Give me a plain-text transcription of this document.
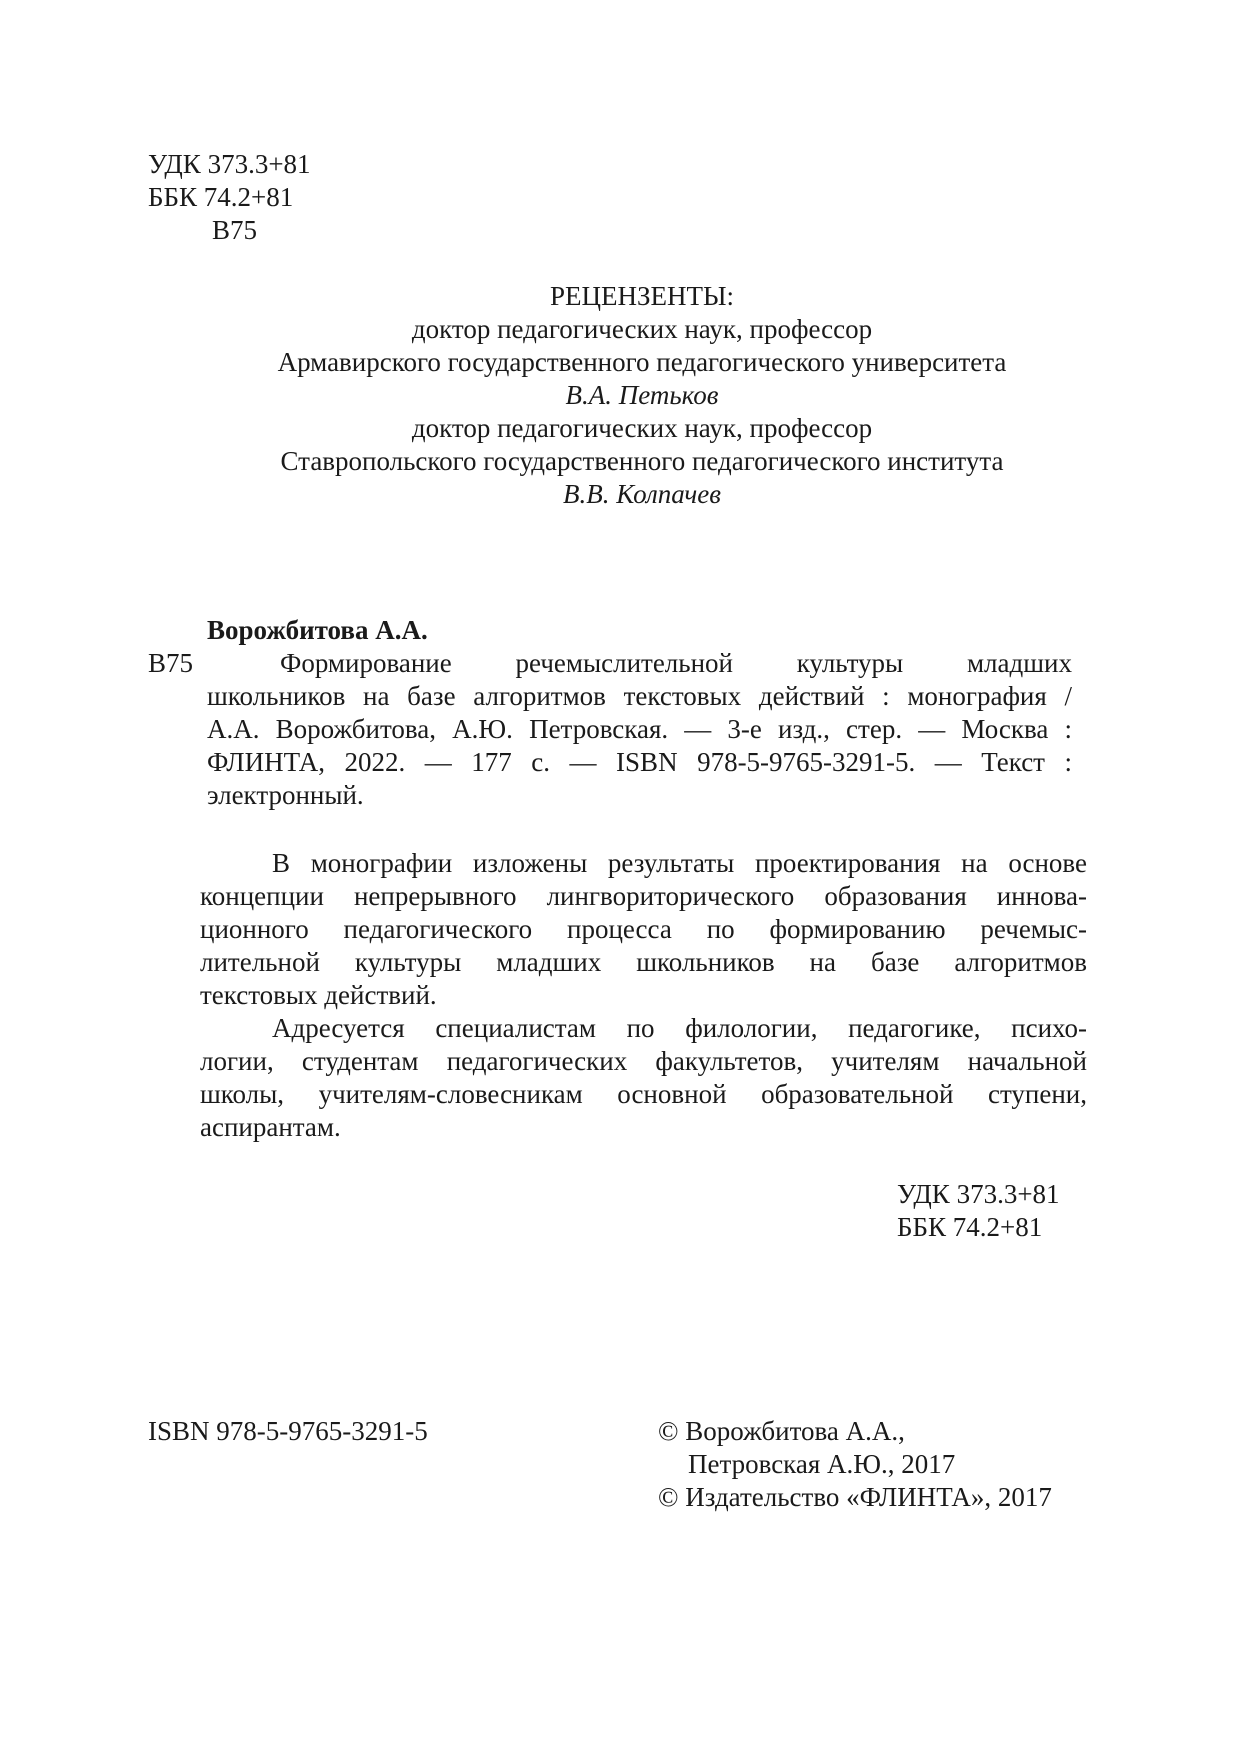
УДК 373.3+81

ББК 74.2+81

В75

РЕЦЕНЗЕНТЫ:

доктор педагогических наук, профессор

Армавирского государственного педагогического университета

В.А. Петьков

доктор педагогических наук, профессор

Ставропольского государственного педагогического института

В.В. Колпачев

Ворожбитова А.А.

В75	Формирование речемыслительной культуры младших

школьников на базе алгоритмов текстовых действий : монография /

А.А. Ворожбитова, А.Ю. Петровская. — 3-е изд., стер. — Москва :

ФЛИНТА, 2022. — 177 с. — ISBN 978-5-9765-3291-5. — Текст :

электронный.

В монографии изложены результаты проектирования на основе

концепции непрерывного лингвориторического образования иннова-

ционного педагогического процесса по формированию речемыс-

лительной культуры младших школьников на базе алгоритмов

текстовых действий.

Адресуется специалистам по филологии, педагогике, психо-

логии, студентам педагогических факультетов, учителям начальной

школы, учителям-словесникам основной образовательной ступени,

аспирантам.

УДК 373.3+81

ББК 74.2+81

ISBN 978-5-9765-3291-5	© Ворожбитова А.А.,

Петровская А.Ю., 2017

© Издательство «ФЛИНТА», 2017
